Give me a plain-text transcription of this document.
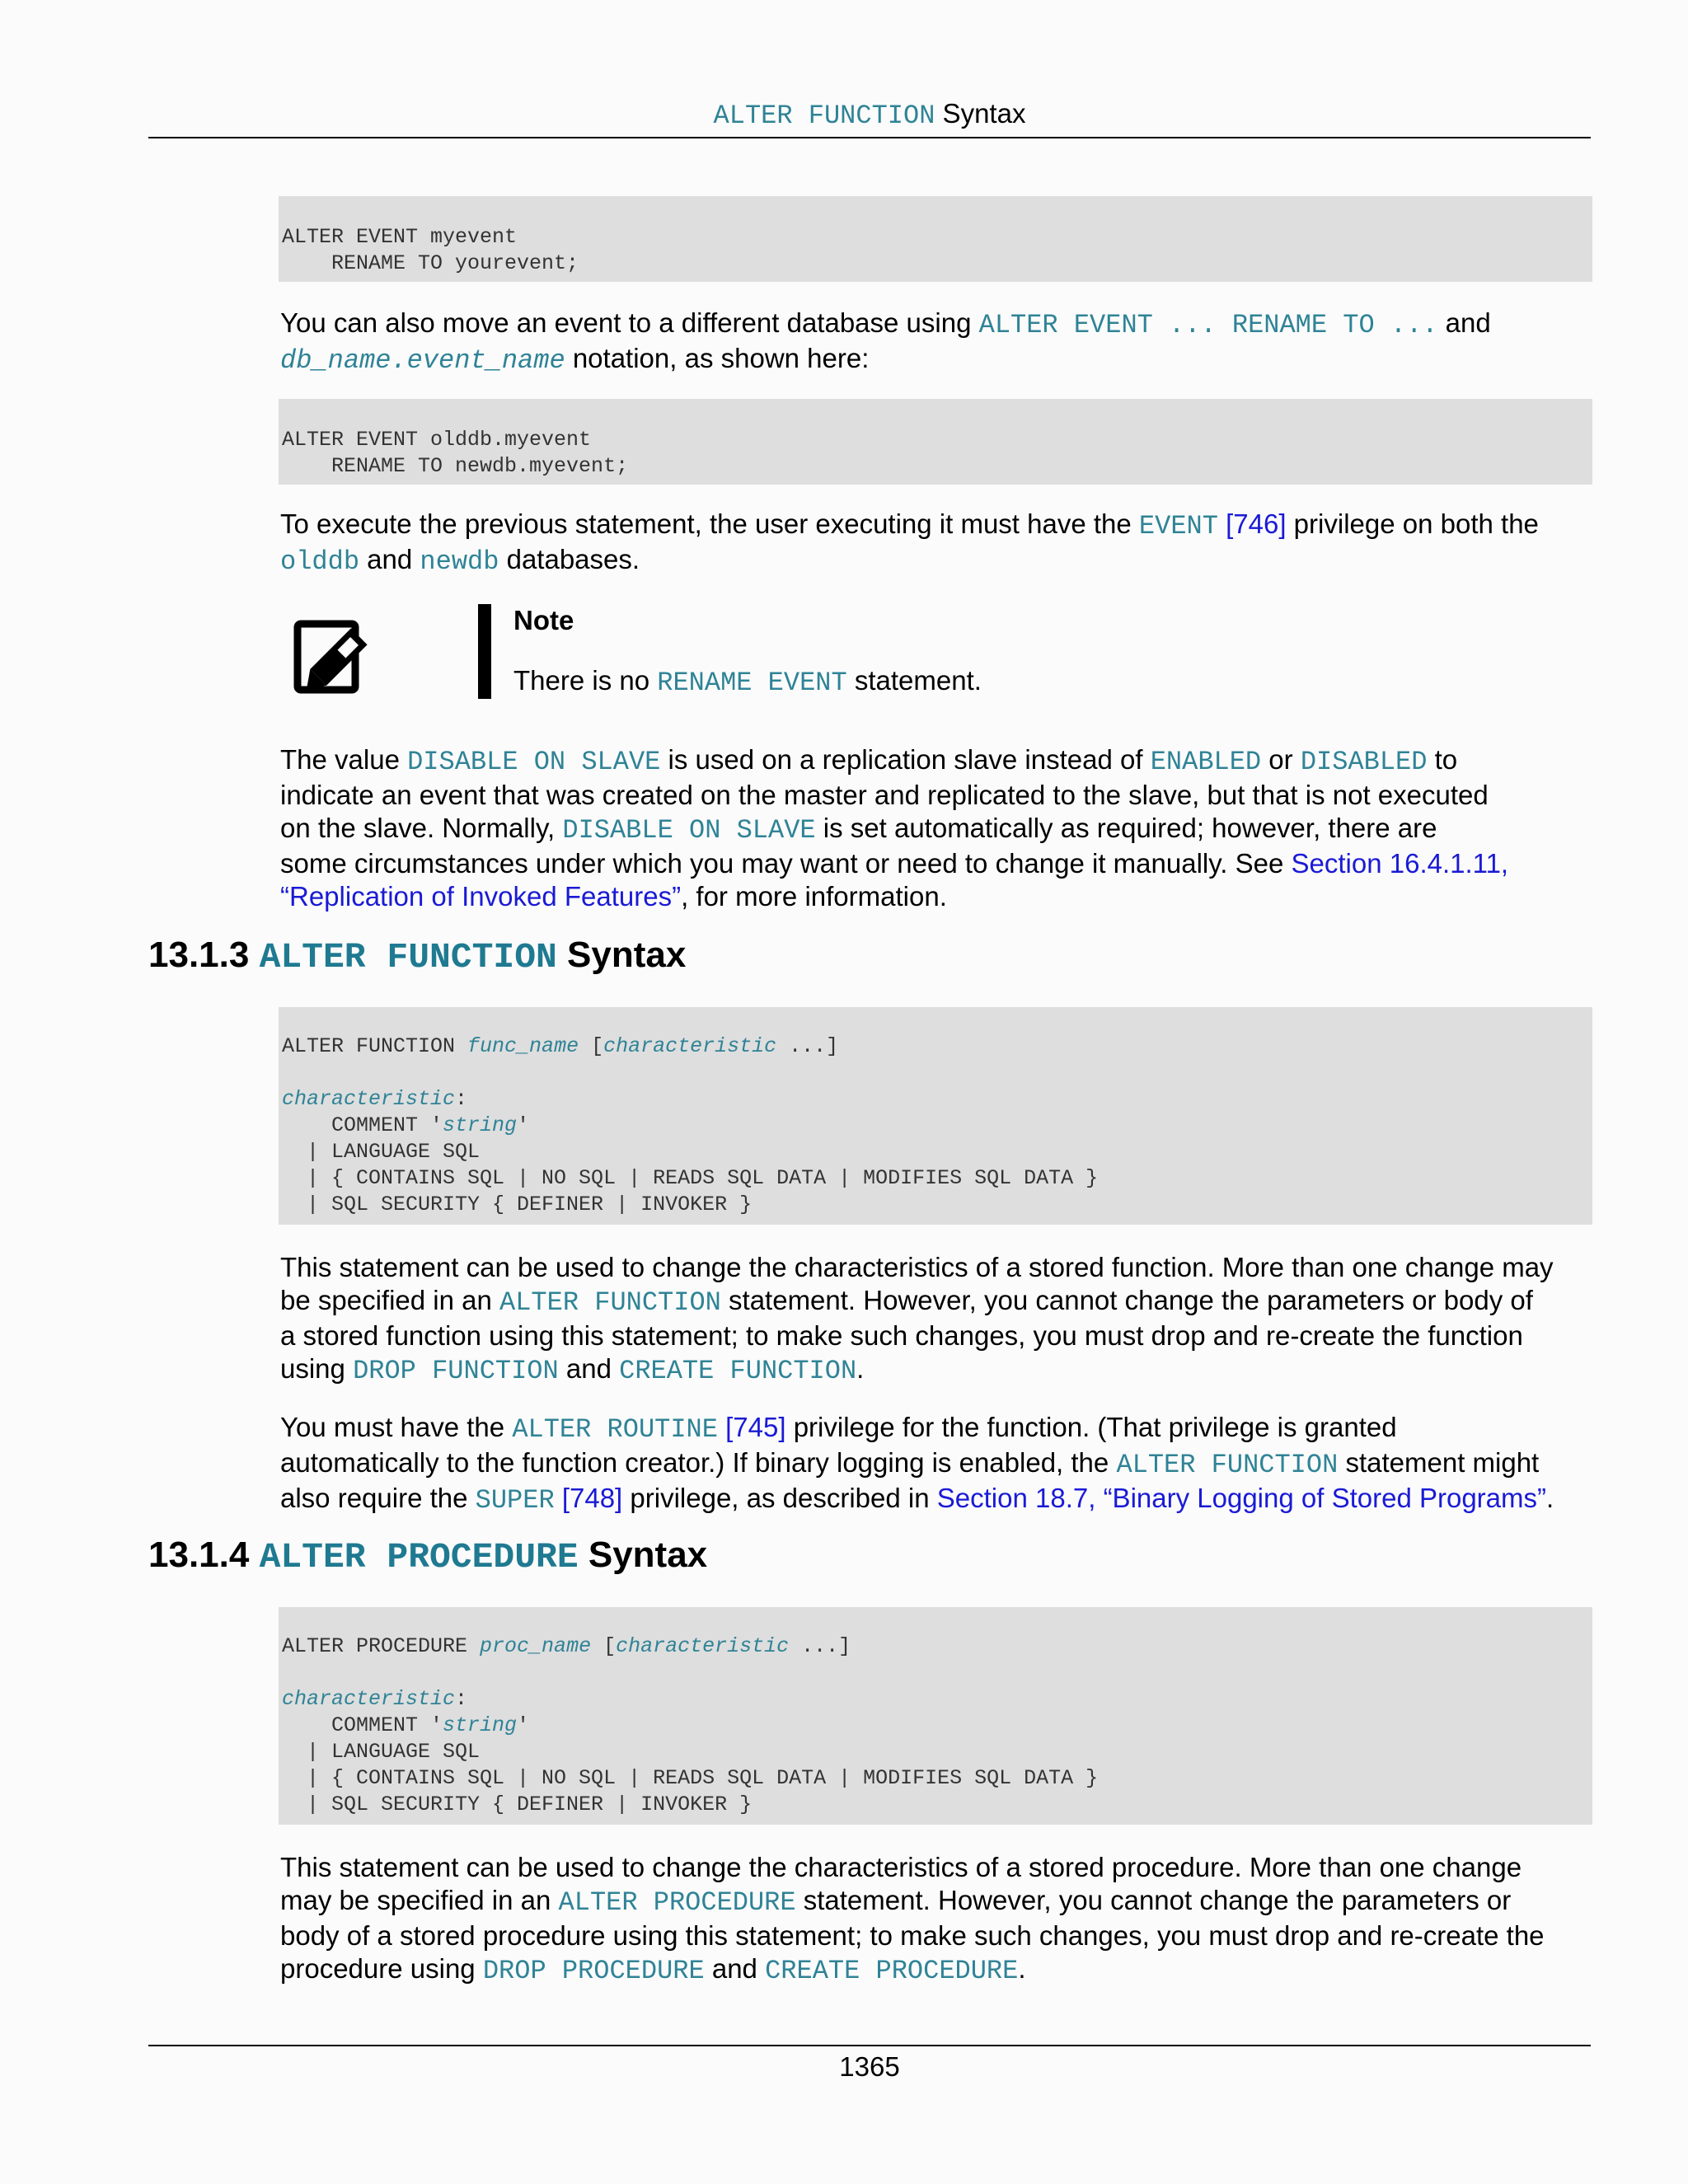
ALTER FUNCTION Syntax
ALTER EVENT myevent
RENAME TO yourevent;
You can also move an event to a different database using ALTER EVENT ... RENAME TO ... and
db_name.event_name notation, as shown here:
ALTER EVENT olddb.myevent
RENAME TO newdb.myevent;
To execute the previous statement, the user executing it must have the EVENT [746] privilege on both the
olddb and newdb databases.
Note
There is no RENAME EVENT statement.
The value DISABLE ON SLAVE is used on a replication slave instead of ENABLED or DISABLED to
indicate an event that was created on the master and replicated to the slave, but that is not executed
on the slave. Normally, DISABLE ON SLAVE is set automatically as required; however, there are
some circumstances under which you may want or need to change it manually. See Section 16.4.1.11,
“Replication of Invoked Features”, for more information.
13.1.3 ALTER FUNCTION Syntax
ALTER FUNCTION func_name [characteristic ...]

characteristic:
COMMENT 'string'
| LANGUAGE SQL
| { CONTAINS SQL | NO SQL | READS SQL DATA | MODIFIES SQL DATA }
| SQL SECURITY { DEFINER | INVOKER }
This statement can be used to change the characteristics of a stored function. More than one change may
be specified in an ALTER FUNCTION statement. However, you cannot change the parameters or body of
a stored function using this statement; to make such changes, you must drop and re-create the function
using DROP FUNCTION and CREATE FUNCTION.
You must have the ALTER ROUTINE [745] privilege for the function. (That privilege is granted
automatically to the function creator.) If binary logging is enabled, the ALTER FUNCTION statement might
also require the SUPER [748] privilege, as described in Section 18.7, “Binary Logging of Stored Programs”.
13.1.4 ALTER PROCEDURE Syntax
ALTER PROCEDURE proc_name [characteristic ...]

characteristic:
COMMENT 'string'
| LANGUAGE SQL
| { CONTAINS SQL | NO SQL | READS SQL DATA | MODIFIES SQL DATA }
| SQL SECURITY { DEFINER | INVOKER }
This statement can be used to change the characteristics of a stored procedure. More than one change
may be specified in an ALTER PROCEDURE statement. However, you cannot change the parameters or
body of a stored procedure using this statement; to make such changes, you must drop and re-create the
procedure using DROP PROCEDURE and CREATE PROCEDURE.
1365
